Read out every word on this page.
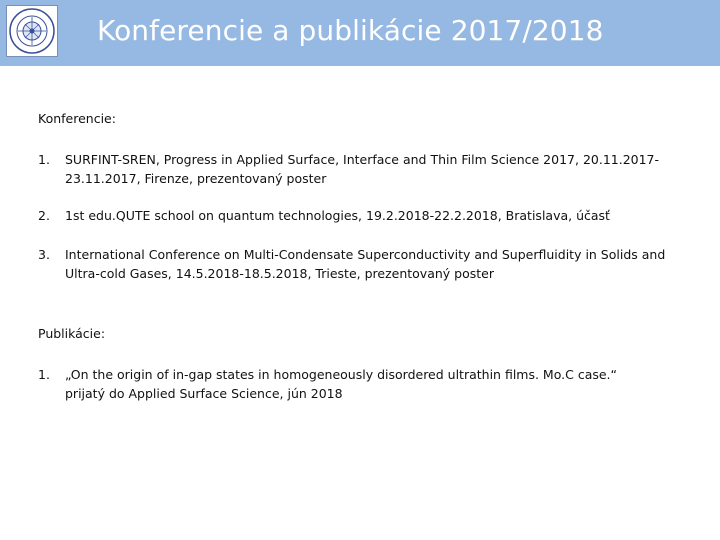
Konferencie a publikácie 2017/2018
Konferencie:
1. SURFINT-SREN, Progress in Applied Surface, Interface and Thin Film Science 2017, 20.11.2017-
23.11.2017, Firenze, prezentovaný poster
2. 1st edu.QUTE school on quantum technologies, 19.2.2018-22.2.2018, Bratislava, účasť
3. International Conference on Multi-Condensate Superconductivity and Superfluidity in Solids and
Ultra-cold Gases, 14.5.2018-18.5.2018, Trieste, prezentovaný poster
Publikácie:
1. „On the origin of in-gap states in homogeneously disordered ultrathin films. Mo.C case.“
prijatý do Applied Surface Science, jún 2018
